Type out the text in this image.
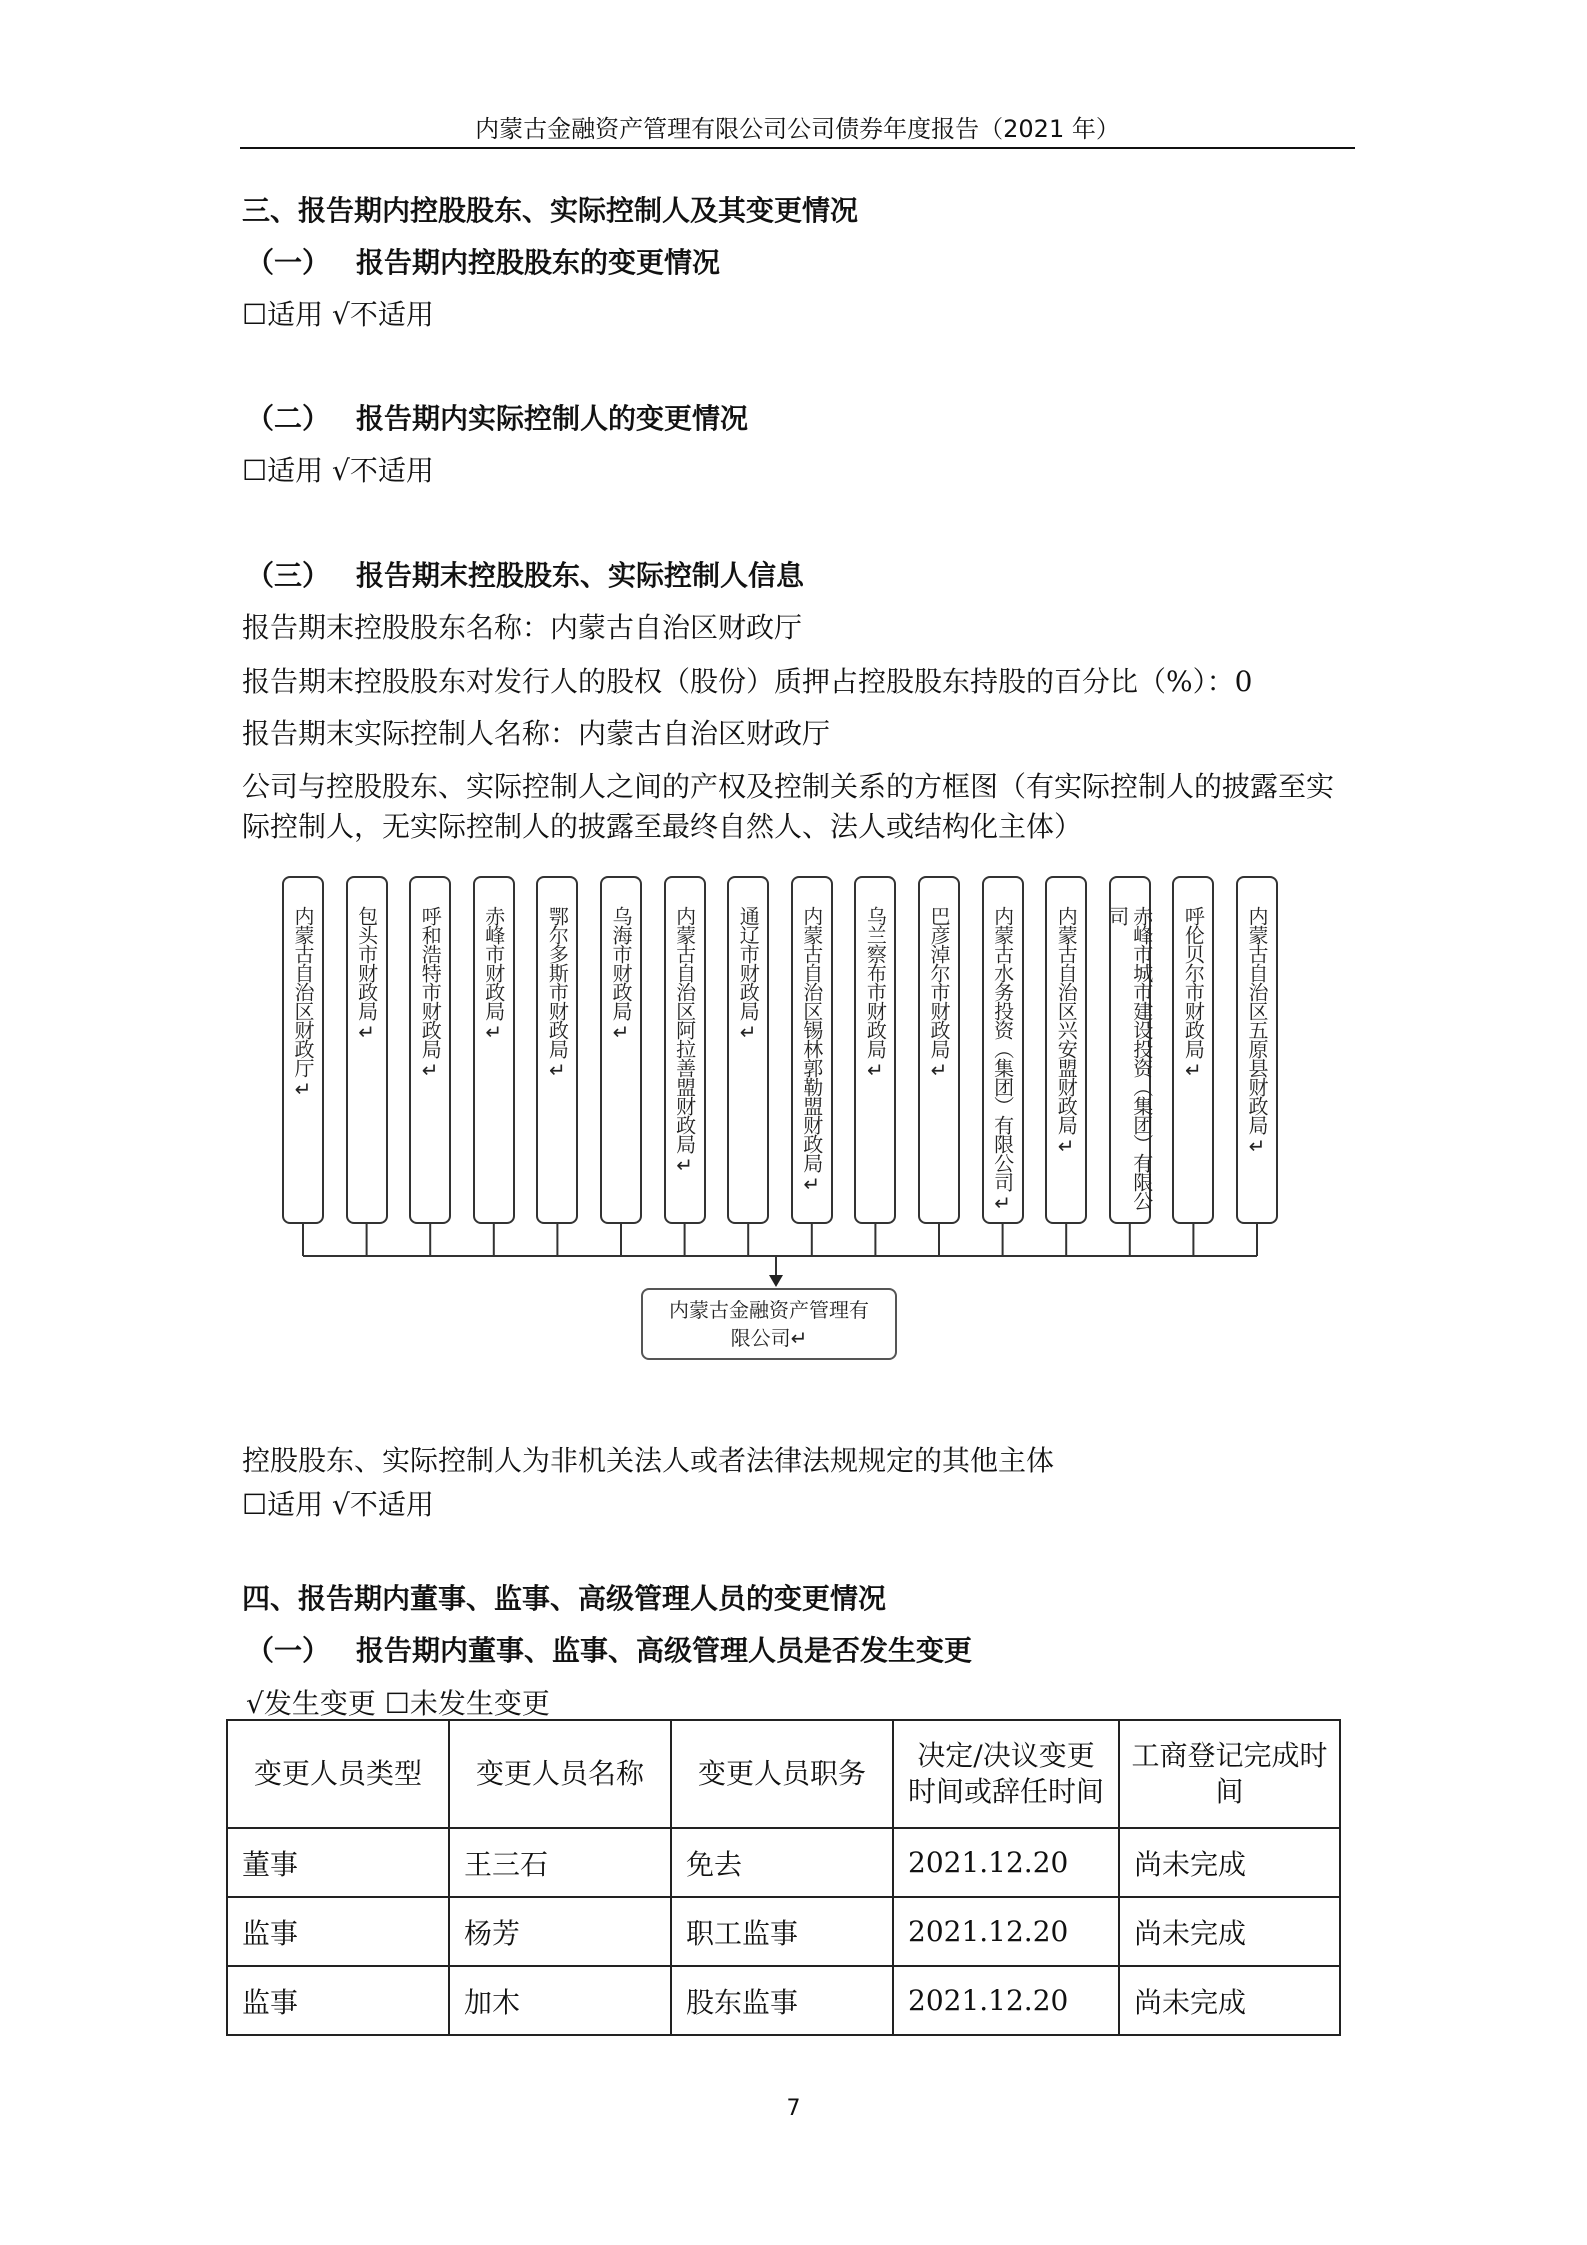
内蒙古金融资产管理有限公司公司债券年度报告（2021 年）
三、报告期内控股股东、实际控制人及其变更情况
（一） 报告期内控股股东的变更情况
☐适用 √不适用
（二） 报告期内实际控制人的变更情况
☐适用 √不适用
（三） 报告期末控股股东、实际控制人信息
报告期末控股股东名称：内蒙古自治区财政厅
报告期末控股股东对发行人的股权（股份）质押占控股股东持股的百分比（%）：0
报告期末实际控制人名称：内蒙古自治区财政厅
公司与控股股东、实际控制人之间的产权及控制关系的方框图（有实际控制人的披露至实际控制人，无实际控制人的披露至最终自然人、法人或结构化主体）
内蒙古自治区财政厅↵ 包头市财政局↵ 呼和浩特市财政局↵ 赤峰市财政局↵ 鄂尔多斯市财政局↵ 乌海市财政局↵ 内蒙古自治区阿拉善盟财政局↵ 通辽市财政局↵ 内蒙古自治区锡林郭勒盟财政局↵ 乌兰察布市财政局↵ 巴彦淖尔市财政局↵ 内蒙古水务投资（集团）有限公司↵ 内蒙古自治区兴安盟财政局↵	赤峰市城市建设投资（集团）有限公司	呼伦贝尔市财政局↵ 内蒙古自治区五原县财政局↵
内蒙古金融资产管理有限公司↵
控股股东、实际控制人为非机关法人或者法律法规规定的其他主体
☐适用 √不适用
四、报告期内董事、监事、高级管理人员的变更情况
（一） 报告期内董事、监事、高级管理人员是否发生变更
√发生变更 ☐未发生变更
变更人员类型	变更人员名称	变更人员职务	决定/决议变更时间或辞任时间	工商登记完成时间
董事	王三石	免去	2021.12.20	尚未完成
监事	杨芳	职工监事	2021.12.20	尚未完成
监事	加木	股东监事	2021.12.20	尚未完成
7
